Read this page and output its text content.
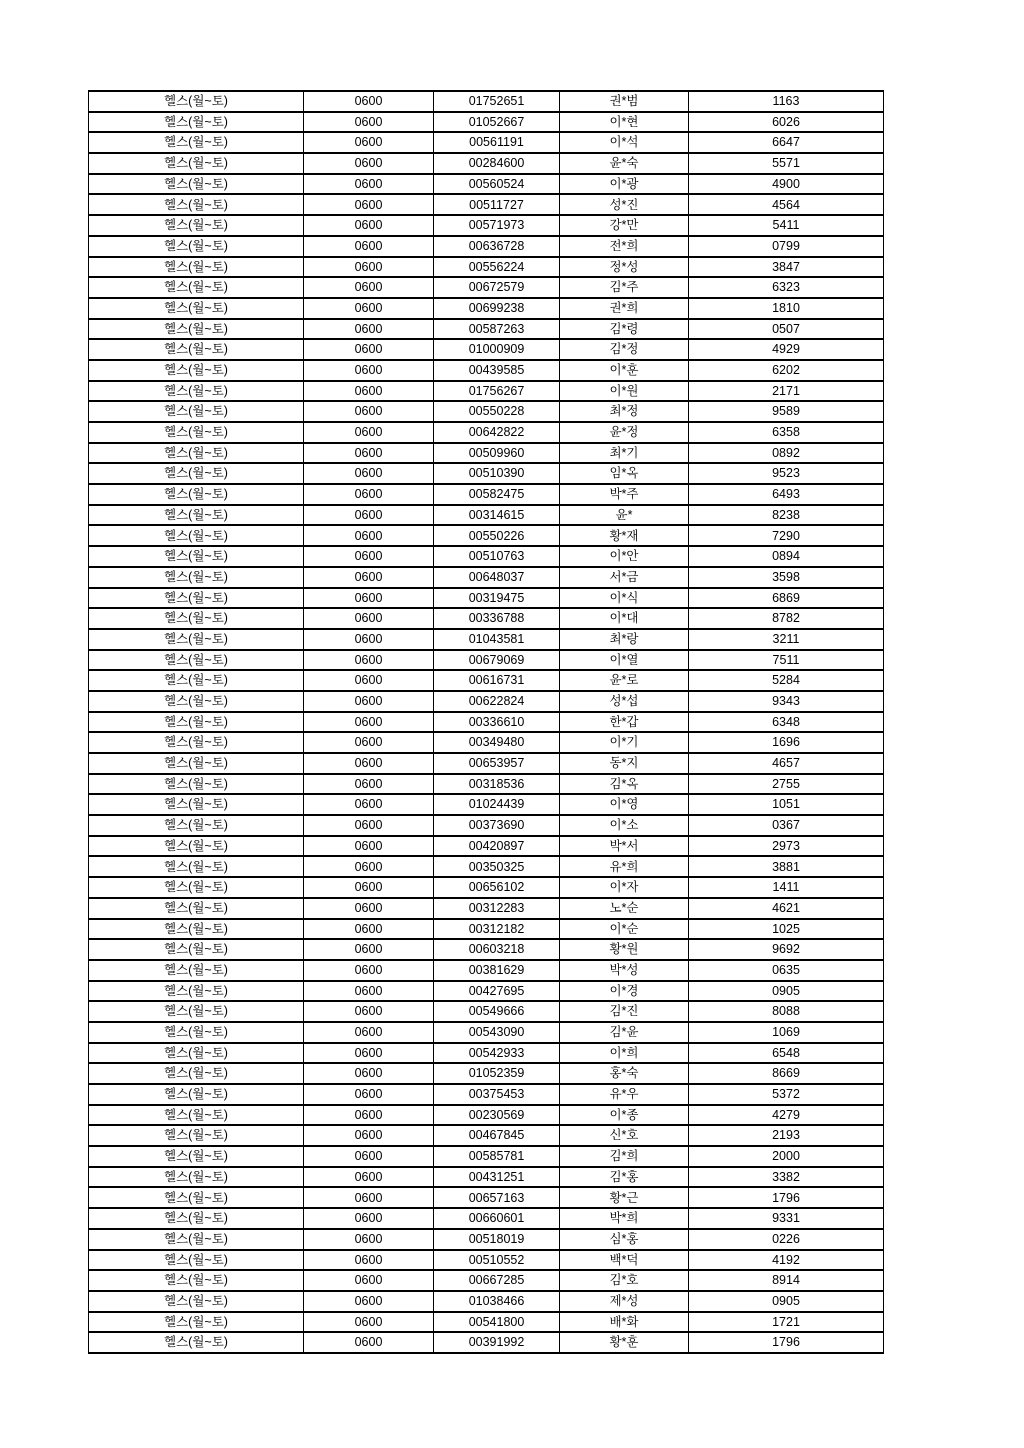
헬스(월~토)	0600	01752651	권*범	1163
헬스(월~토)	0600	01052667	이*현	6026
헬스(월~토)	0600	00561191	이*석	6647
헬스(월~토)	0600	00284600	윤*숙	5571
헬스(월~토)	0600	00560524	이*광	4900
헬스(월~토)	0600	00511727	성*진	4564
헬스(월~토)	0600	00571973	강*만	5411
헬스(월~토)	0600	00636728	전*희	0799
헬스(월~토)	0600	00556224	정*성	3847
헬스(월~토)	0600	00672579	김*주	6323
헬스(월~토)	0600	00699238	권*희	1810
헬스(월~토)	0600	00587263	김*령	0507
헬스(월~토)	0600	01000909	김*정	4929
헬스(월~토)	0600	00439585	이*훈	6202
헬스(월~토)	0600	01756267	이*원	2171
헬스(월~토)	0600	00550228	최*정	9589
헬스(월~토)	0600	00642822	윤*정	6358
헬스(월~토)	0600	00509960	최*기	0892
헬스(월~토)	0600	00510390	임*옥	9523
헬스(월~토)	0600	00582475	박*주	6493
헬스(월~토)	0600	00314615	윤*	8238
헬스(월~토)	0600	00550226	황*재	7290
헬스(월~토)	0600	00510763	이*안	0894
헬스(월~토)	0600	00648037	서*금	3598
헬스(월~토)	0600	00319475	이*식	6869
헬스(월~토)	0600	00336788	이*대	8782
헬스(월~토)	0600	01043581	최*랑	3211
헬스(월~토)	0600	00679069	이*열	7511
헬스(월~토)	0600	00616731	윤*로	5284
헬스(월~토)	0600	00622824	성*섭	9343
헬스(월~토)	0600	00336610	한*갑	6348
헬스(월~토)	0600	00349480	이*기	1696
헬스(월~토)	0600	00653957	동*지	4657
헬스(월~토)	0600	00318536	김*옥	2755
헬스(월~토)	0600	01024439	이*영	1051
헬스(월~토)	0600	00373690	이*소	0367
헬스(월~토)	0600	00420897	박*서	2973
헬스(월~토)	0600	00350325	유*희	3881
헬스(월~토)	0600	00656102	이*자	1411
헬스(월~토)	0600	00312283	노*순	4621
헬스(월~토)	0600	00312182	이*순	1025
헬스(월~토)	0600	00603218	황*원	9692
헬스(월~토)	0600	00381629	박*성	0635
헬스(월~토)	0600	00427695	이*경	0905
헬스(월~토)	0600	00549666	김*진	8088
헬스(월~토)	0600	00543090	김*윤	1069
헬스(월~토)	0600	00542933	이*희	6548
헬스(월~토)	0600	01052359	홍*숙	8669
헬스(월~토)	0600	00375453	유*우	5372
헬스(월~토)	0600	00230569	이*종	4279
헬스(월~토)	0600	00467845	신*호	2193
헬스(월~토)	0600	00585781	김*희	2000
헬스(월~토)	0600	00431251	김*홍	3382
헬스(월~토)	0600	00657163	황*근	1796
헬스(월~토)	0600	00660601	박*희	9331
헬스(월~토)	0600	00518019	심*홍	0226
헬스(월~토)	0600	00510552	백*덕	4192
헬스(월~토)	0600	00667285	김*호	8914
헬스(월~토)	0600	01038466	제*성	0905
헬스(월~토)	0600	00541800	배*화	1721
헬스(월~토)	0600	00391992	황*훈	1796
